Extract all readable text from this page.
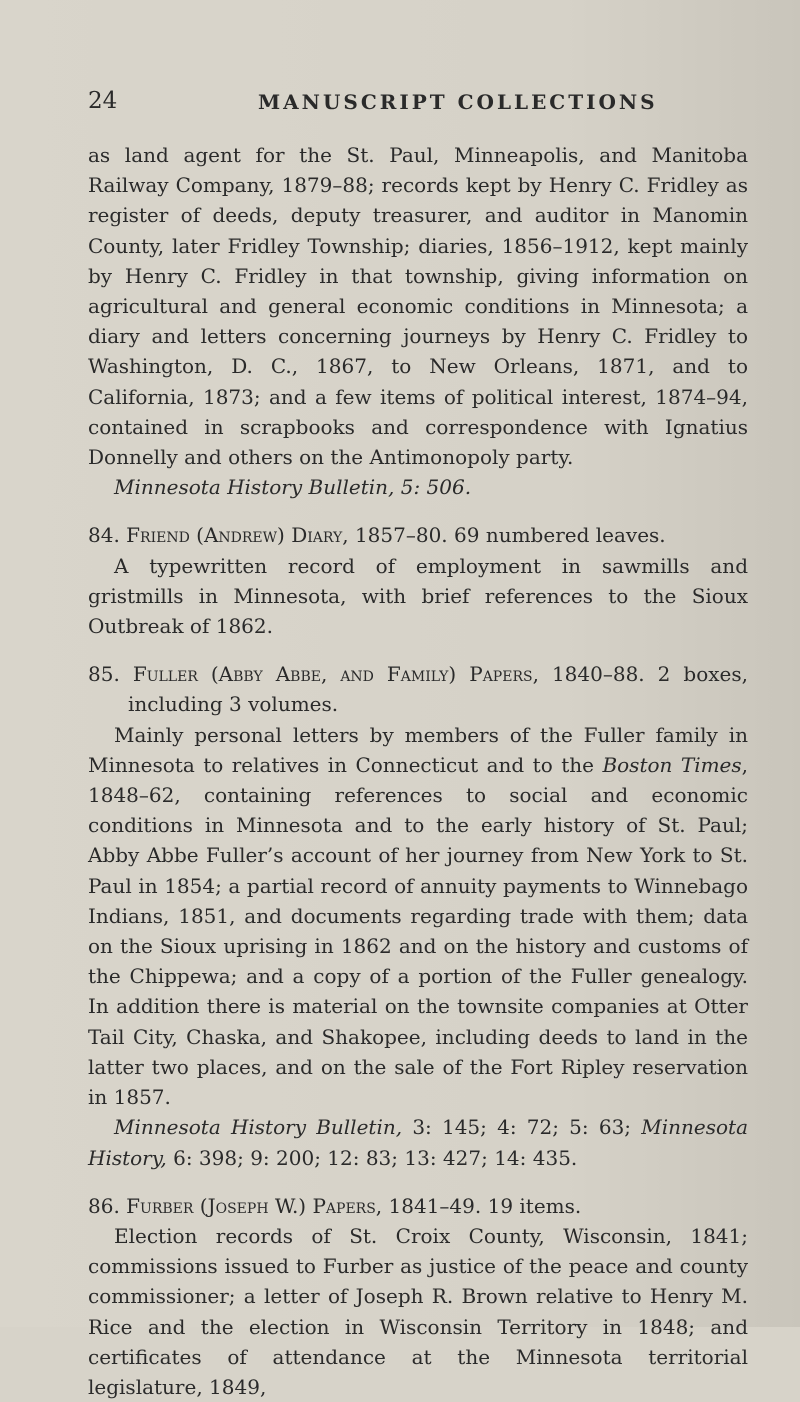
24	MANUSCRIPT COLLECTIONS

as land agent for the St. Paul, Minneapolis, and Manitoba Railway Company, 1879–88; records kept by Henry C. Fridley as register of deeds, deputy treasurer, and auditor in Manomin County, later Fridley Township; diaries, 1856–1912, kept mainly by Henry C. Fridley in that township, giving information on agricultural and general economic conditions in Minnesota; a diary and letters concerning journeys by Henry C. Fridley to Washington, D. C., 1867, to New Orleans, 1871, and to California, 1873; and a few items of political interest, 1874–94, contained in scrapbooks and correspondence with Ignatius Donnelly and others on the Antimonopoly party.

Minnesota History Bulletin, 5: 506.

84. Friend (Andrew) Diary, 1857–80. 69 numbered leaves.

A typewritten record of employment in sawmills and gristmills in Minnesota, with brief references to the Sioux Outbreak of 1862.

85. Fuller (Abby Abbe, and Family) Papers, 1840–88. 2 boxes, including 3 volumes.

Mainly personal letters by members of the Fuller family in Minnesota to relatives in Connecticut and to the Boston Times, 1848–62, containing references to social and economic conditions in Minnesota and to the early history of St. Paul; Abby Abbe Fuller’s account of her journey from New York to St. Paul in 1854; a partial record of annuity payments to Winnebago Indians, 1851, and documents regarding trade with them; data on the Sioux uprising in 1862 and on the history and customs of the Chippewa; and a copy of a portion of the Fuller genealogy. In addition there is material on the townsite companies at Otter Tail City, Chaska, and Shakopee, including deeds to land in the latter two places, and on the sale of the Fort Ripley reservation in 1857.

Minnesota History Bulletin, 3: 145; 4: 72; 5: 63; Minnesota History, 6: 398; 9: 200; 12: 83; 13: 427; 14: 435.

86. Furber (Joseph W.) Papers, 1841–49. 19 items.

Election records of St. Croix County, Wisconsin, 1841; commissions issued to Furber as justice of the peace and county commissioner; a letter of Joseph R. Brown relative to Henry M. Rice and the election in Wisconsin Territory in 1848; and certificates of attendance at the Minnesota territorial legislature, 1849,
